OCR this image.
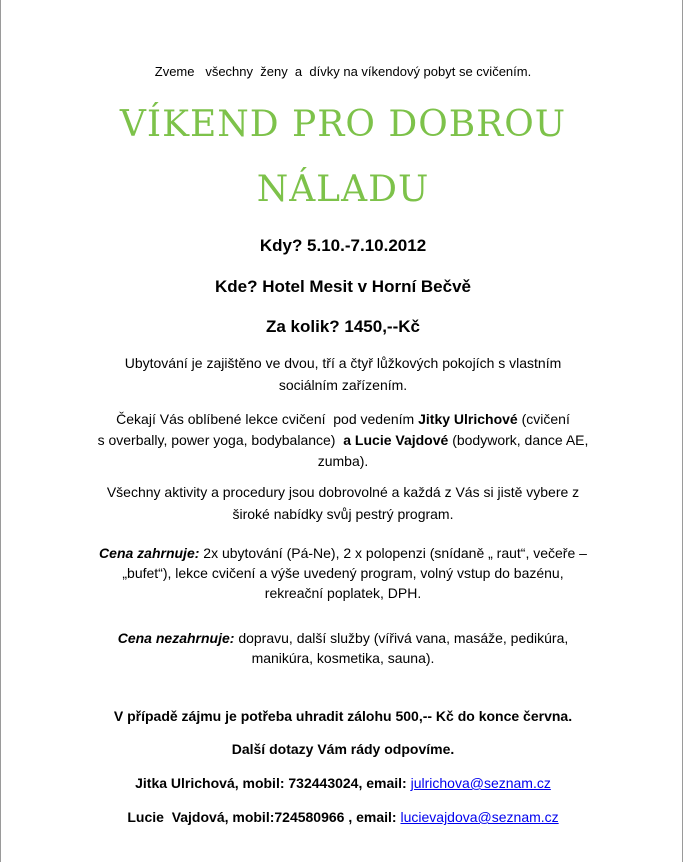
Zveme   všechny  ženy  a  dívky na víkendový pobyt se cvičením.
VÍKEND PRO DOBROU
NÁLADU
Kdy? 5.10.-7.10.2012
Kde? Hotel Mesit v Horní Bečvě
Za kolik? 1450,--Kč
Ubytování je zajištěno ve dvou, tří a čtyř lůžkových pokojích s vlastním
sociálním zařízením.
Čekají Vás oblíbené lekce cvičení  pod vedením Jitky Ulrichové (cvičení
s overbally, power yoga, bodybalance)  a Lucie Vajdové (bodywork, dance AE,
zumba).
Všechny aktivity a procedury jsou dobrovolné a každá z Vás si jistě vybere z
široké nabídky svůj pestrý program.
Cena zahrnuje: 2x ubytování (Pá-Ne), 2 x polopenzi (snídaně „ raut“, večeře –
„bufet“), lekce cvičení a výše uvedený program, volný vstup do bazénu,
rekreační poplatek, DPH.
Cena nezahrnuje: dopravu, další služby (vířivá vana, masáže, pedikúra,
manikúra, kosmetika, sauna).
V případě zájmu je potřeba uhradit zálohu 500,-- Kč do konce června.
Další dotazy Vám rády odpovíme.
Jitka Ulrichová, mobil: 732443024, email: julrichova@seznam.cz
Lucie  Vajdová, mobil:724580966 , email: lucievajdova@seznam.cz
